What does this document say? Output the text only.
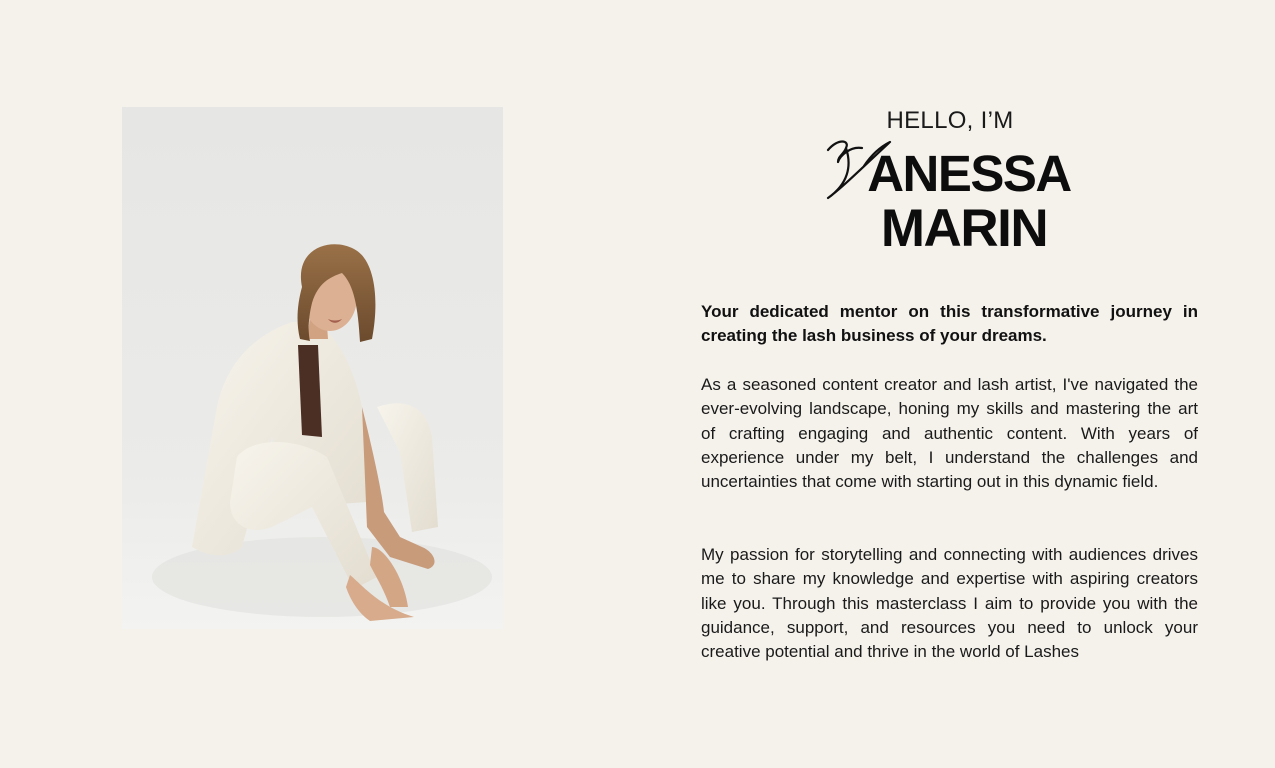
HELLO, I’M
ANESSA
MARIN

Your dedicated mentor on this transformative journey in creating the lash business of your dreams.

As a seasoned content creator and lash artist, I've navigated the ever-evolving landscape, honing my skills and mastering the art of crafting engaging and authentic content. With years of experience under my belt, I understand the challenges and uncertainties that come with starting out in this dynamic field.

My passion for storytelling and connecting with audiences drives me to share my knowledge and expertise with aspiring creators like you. Through this masterclass I aim to provide you with the guidance, support, and resources you need to unlock your creative potential and thrive in the world of Lashes
